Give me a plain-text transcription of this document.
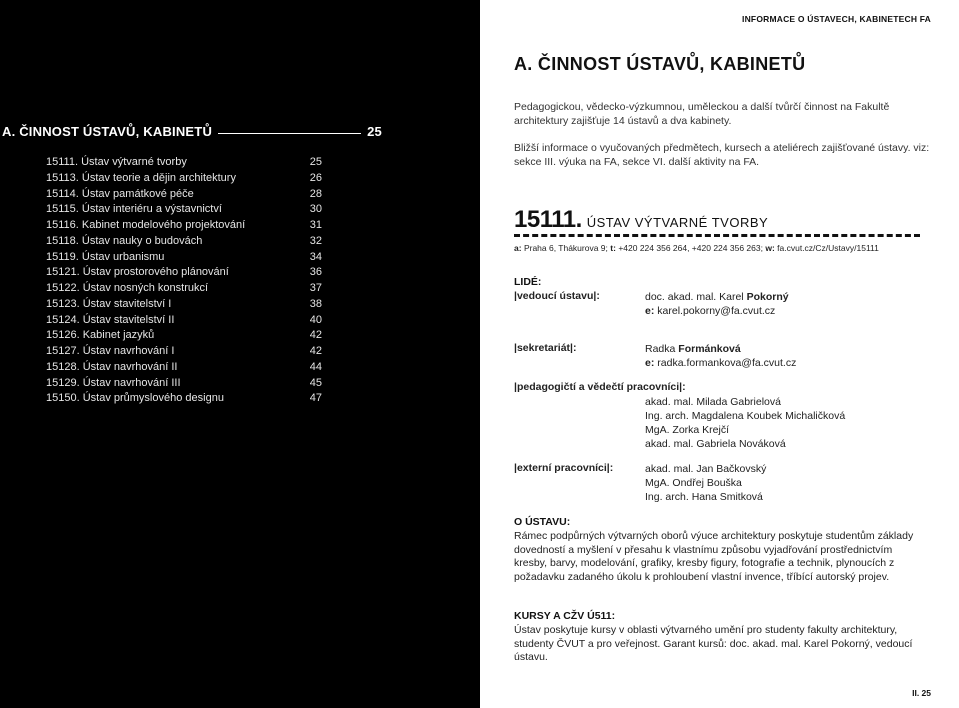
A. ČINNOST ÚSTAVŮ, KABINETŮ	25
15111. Ústav výtvarné tvorby	25
15113. Ústav teorie a dějin architektury	26
15114. Ústav památkové péče	28
15115. Ústav interiéru a výstavnictví	30
15116. Kabinet modelového projektování	31
15118. Ústav nauky o budovách	32
15119. Ústav urbanismu	34
15121. Ústav prostorového plánování	36
15122. Ústav nosných konstrukcí	37
15123. Ústav stavitelství I	38
15124. Ústav stavitelství II	40
15126. Kabinet jazyků	42
15127. Ústav navrhování I	42
15128. Ústav navrhování II	44
15129. Ústav navrhování III	45
15150. Ústav průmyslového designu	47
INFORMACE O ÚSTAVECH, KABINETECH FA
A. ČINNOST ÚSTAVŮ, KABINETŮ
Pedagogickou, vědecko-výzkumnou, uměleckou a další tvůrčí činnost na Fakultě architektury zajišťuje 14 ústavů a dva kabinety.
Bližší informace o vyučovaných předmětech, kursech a ateliérech zajišťované ústavy. viz: sekce III. výuka na FA, sekce VI. další aktivity na FA.
15111. ÚSTAV VÝTVARNÉ TVORBY
a: Praha 6, Thákurova 9; t: +420 224 356 264, +420 224 356 263; w: fa.cvut.cz/Cz/Ustavy/15111
LIDÉ:
|vedoucí ústavu|:	doc. akad. mal. Karel Pokorný
e: karel.pokorny@fa.cvut.cz
|sekretariát|:	Radka Formánková
e: radka.formankova@fa.cvut.cz
|pedagogičtí a vědečtí pracovníci|:
akad. mal. Milada Gabrielová
Ing. arch. Magdalena Koubek Michaličková
MgA. Zorka Krejčí
akad. mal. Gabriela Nováková
|externí pracovníci|:	akad. mal. Jan Bačkovský
MgA. Ondřej Bouška
Ing. arch. Hana Smitková
O ÚSTAVU:
Rámec podpůrných výtvarných oborů výuce architektury poskytuje studentům základy dovedností a myšlení v přesahu k vlastnímu způsobu vyjadřování prostřednictvím kresby, barvy, modelování, grafiky, kresby figury, fotografie a technik, plynoucích z požadavku zadaného úkolu k prohloubení vlastní invence, tříbící autorský projev.
KURSY A CŽV Ú511:
Ústav poskytuje kursy v oblasti výtvarného umění pro studenty fakulty architektury, studenty ČVUT a pro veřejnost. Garant kursů: doc. akad. mal. Karel Pokorný, vedoucí ústavu.
II. 25
